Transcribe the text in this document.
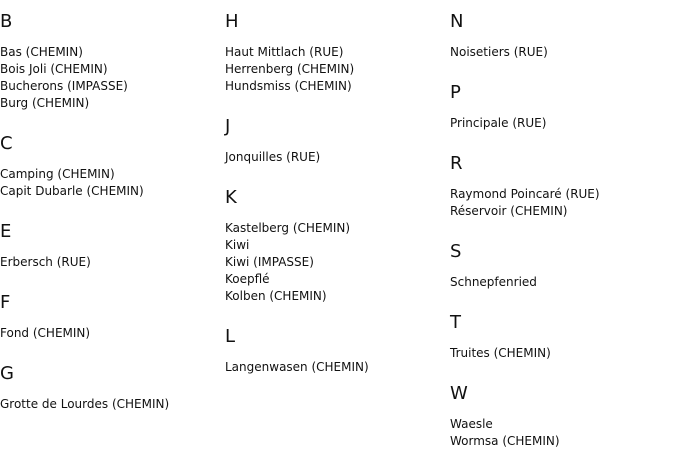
B
Bas (CHEMIN)
Bois Joli (CHEMIN)
Bucherons (IMPASSE)
Burg (CHEMIN)
C
Camping (CHEMIN)
Capit Dubarle (CHEMIN)
E
Erbersch (RUE)
F
Fond (CHEMIN)
G
Grotte de Lourdes (CHEMIN)
H
Haut Mittlach (RUE)
Herrenberg (CHEMIN)
Hundsmiss (CHEMIN)
J
Jonquilles (RUE)
K
Kastelberg (CHEMIN)
Kiwi
Kiwi (IMPASSE)
Koepflé
Kolben (CHEMIN)
L
Langenwasen (CHEMIN)
N
Noisetiers (RUE)
P
Principale (RUE)
R
Raymond Poincaré (RUE)
Réservoir (CHEMIN)
S
Schnepfenried
T
Truites (CHEMIN)
W
Waesle
Wormsa (CHEMIN)
